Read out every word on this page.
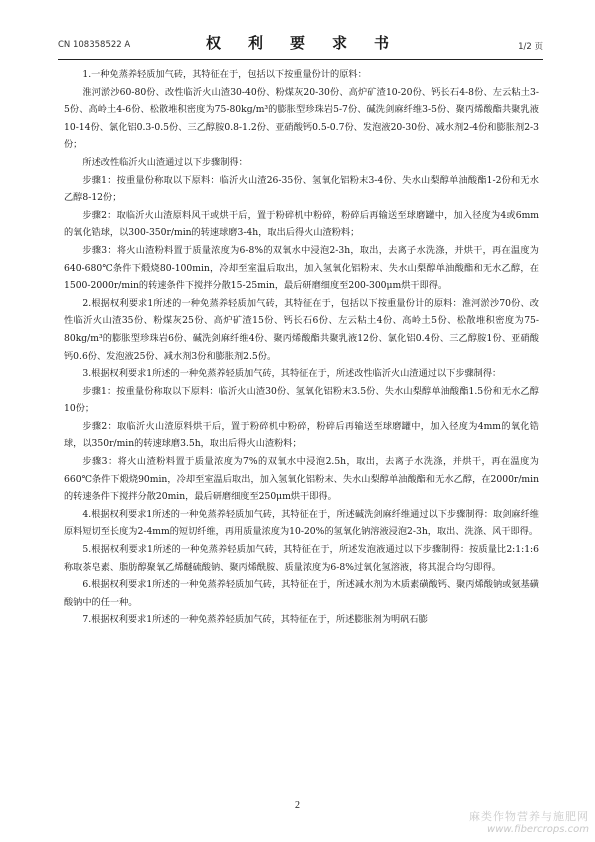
CN 108358522 A	权　利　要　求　书	1/2 页

1.一种免蒸养轻质加气砖，其特征在于，包括以下按重量份计的原料：

淮河淤沙60-80份、改性临沂火山渣30-40份、粉煤灰20-30份、高炉矿渣10-20份、钙长石4-8份、左云粘土3-5份、高岭土4-6份、松散堆积密度为75-80kg/m³的膨胀型珍珠岩5-7份、碱洗剑麻纤维3-5份、聚丙烯酸酯共聚乳液10-14份、氯化铝0.3-0.5份、三乙醇胺0.8-1.2份、亚硝酸钙0.5-0.7份、发泡液20-30份、减水剂2-4份和膨胀剂2-3份；

所述改性临沂火山渣通过以下步骤制得：

步骤1：按重量份称取以下原料：临沂火山渣26-35份、氢氧化铝粉末3-4份、失水山梨醇单油酸酯1-2份和无水乙醇8-12份；

步骤2：取临沂火山渣原料风干或烘干后，置于粉碎机中粉碎，粉碎后再输送至球磨罐中，加入径度为4或6mm的氧化锆球，以300-350r/min的转速球磨3-4h，取出后得火山渣粉料；

步骤3：将火山渣粉料置于质量浓度为6-8%的双氧水中浸泡2-3h，取出，去离子水洗涤，并烘干，再在温度为640-680℃条件下煅烧80-100min，冷却至室温后取出，加入氢氧化铝粉末、失水山梨醇单油酸酯和无水乙醇，在1500-2000r/min的转速条件下搅拌分散15-25min，最后研磨细度至200-300μm烘干即得。

2.根据权利要求1所述的一种免蒸养轻质加气砖，其特征在于，包括以下按重量份计的原料：淮河淤沙70份、改性临沂火山渣35份、粉煤灰25份、高炉矿渣15份、钙长石6份、左云粘土4份、高岭土5份、松散堆积密度为75-80kg/m³的膨胀型珍珠岩6份、碱洗剑麻纤维4份、聚丙烯酸酯共聚乳液12份、氯化铝0.4份、三乙醇胺1份、亚硝酸钙0.6份、发泡液25份、减水剂3份和膨胀剂2.5份。

3.根据权利要求1所述的一种免蒸养轻质加气砖，其特征在于，所述改性临沂火山渣通过以下步骤制得：

步骤1：按重量份称取以下原料：临沂火山渣30份、氢氧化铝粉末3.5份、失水山梨醇单油酸酯1.5份和无水乙醇10份；

步骤2：取临沂火山渣原料烘干后，置于粉碎机中粉碎，粉碎后再输送至球磨罐中，加入径度为4mm的氧化锆球，以350r/min的转速球磨3.5h，取出后得火山渣粉料；

步骤3：将火山渣粉料置于质量浓度为7%的双氧水中浸泡2.5h，取出，去离子水洗涤，并烘干，再在温度为660℃条件下煅烧90min，冷却至室温后取出，加入氢氧化铝粉末、失水山梨醇单油酸酯和无水乙醇，在2000r/min的转速条件下搅拌分散20min，最后研磨细度至250μm烘干即得。

4.根据权利要求1所述的一种免蒸养轻质加气砖，其特征在于，所述碱洗剑麻纤维通过以下步骤制得：取剑麻纤维原料短切至长度为2-4mm的短切纤维，再用质量浓度为10-20%的氢氧化钠溶液浸泡2-3h，取出、洗涤、风干即得。

5.根据权利要求1所述的一种免蒸养轻质加气砖，其特征在于，所述发泡液通过以下步骤制得：按质量比2:1:1:6称取茶皂素、脂肪醇聚氧乙烯醚硫酸钠、聚丙烯酰胺、质量浓度为6-8%过氧化氢溶液，将其混合均匀即得。

6.根据权利要求1所述的一种免蒸养轻质加气砖，其特征在于，所述减水剂为木质素磺酸钙、聚丙烯酸钠或氨基磺酸钠中的任一种。

7.根据权利要求1所述的一种免蒸养轻质加气砖，其特征在于，所述膨胀剂为明矾石膨

2
麻类作物营养与施肥网
www.fibercrops.com
